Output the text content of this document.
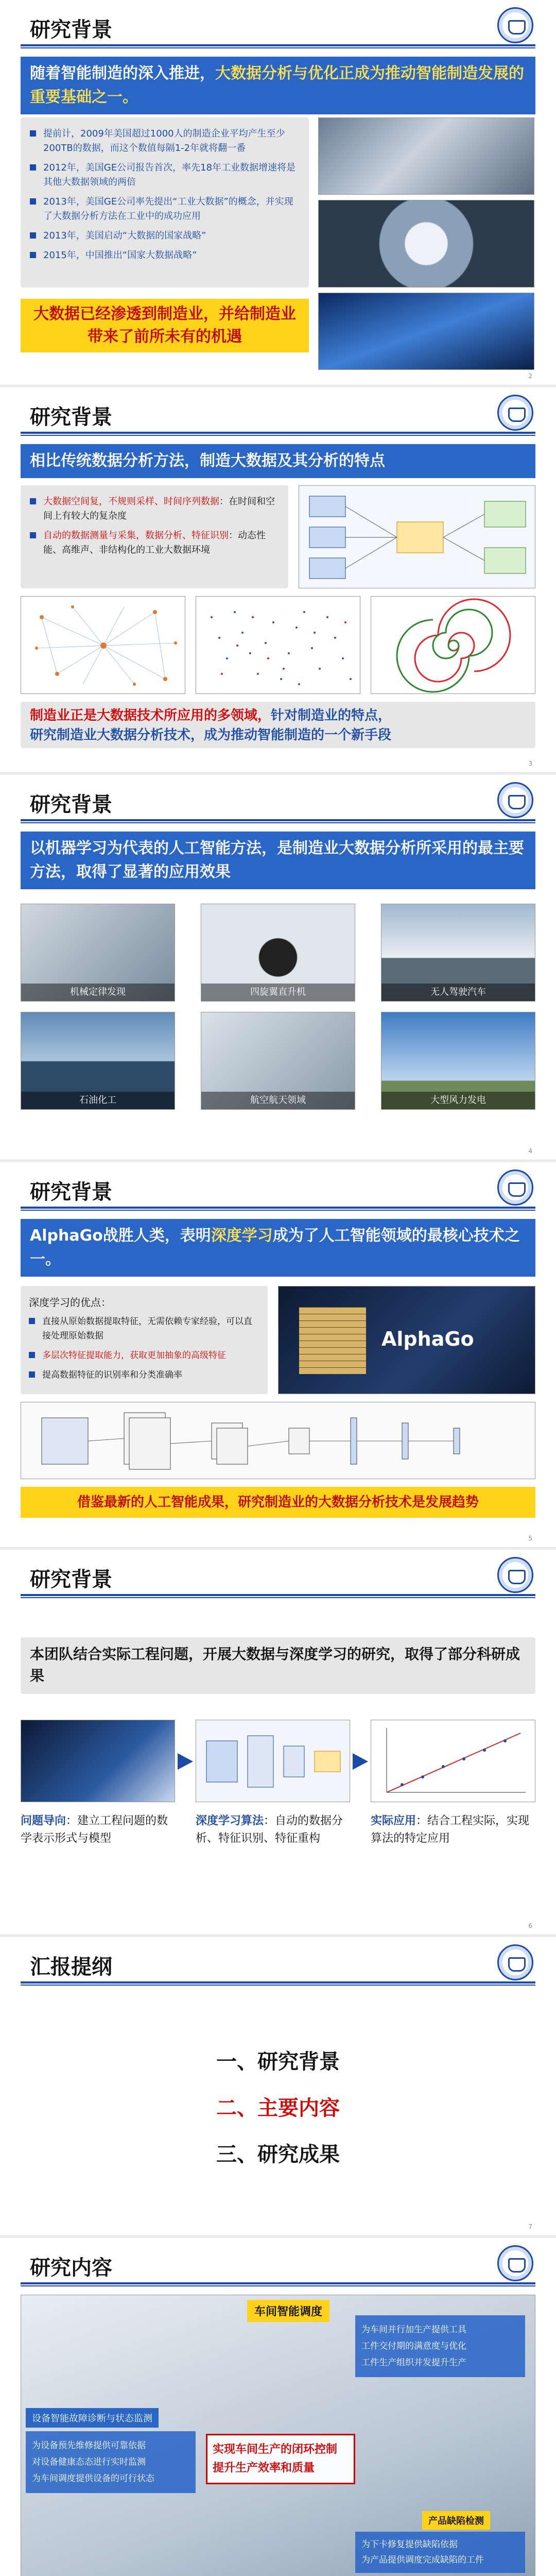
研究背景
随着智能制造的深入推进，大数据分析与优化正成为推动智能制造发展的重要基础之一。
提前计，2009年美国超过1000人的制造企业平均产生至少200TB的数据，而这个数值每隔1-2年就将翻一番
2012年，美国GE公司报告首次，率先18年工业数据增速将是其他大数据领域的两倍
2013年，美国GE公司率先提出“工业大数据”的概念，并实现了大数据分析方法在工业中的成功应用
2013年，美国启动“大数据的国家战略”
2015年，中国推出“国家大数据战略”
大数据已经渗透到制造业，并给制造业带来了前所未有的机遇
2
研究背景
相比传统数据分析方法，制造大数据及其分析的特点
大数据空间复，不规则采样、时间序列数据：在时间和空间上有较大的复杂度
自动的数据测量与采集，数据分析、特征识别：动态性能、高维声、非结构化的工业大数据环境
制造业正是大数据技术所应用的多领域，针对制造业的特点，
研究制造业大数据分析技术，成为推动智能制造的一个新手段
3
研究背景
以机器学习为代表的人工智能方法，是制造业大数据分析所采用的最主要方法，取得了显著的应用效果
机械定律发现	四旋翼直升机	无人驾驶汽车
石油化工	航空航天领域	大型风力发电
4
研究背景
AlphaGo战胜人类，表明深度学习成为了人工智能领域的最核心技术之一。
深度学习的优点：
直接从原始数据提取特征，无需依赖专家经验，可以直接处理原始数据
多层次特征提取能力，获取更加抽象的高级特征
提高数据特征的识别率和分类准确率
AlphaGo
借鉴最新的人工智能成果，研究制造业的大数据分析技术是发展趋势
5
研究背景
本团队结合实际工程问题，开展大数据与深度学习的研究，取得了部分科研成果
问题导向：建立工程问题的数学表示形式与模型
深度学习算法：自动的数据分析、特征识别、特征重构
实际应用：结合工程实际，实现算法的特定应用
6
汇报提纲
一、研究背景
二、主要内容
三、研究成果
7
研究内容
车间智能调度
为车间并行加生产提供工具
工件交付期的满意度与优化
工件生产组织并发提升生产
设备智能故障诊断与状态监测
为设备预先维修提供可靠依据
对设备健康态态进行实时监测
为车间调度提供设备的可行状态
实现车间生产的闭环控制
提升生产效率和质量
产品缺陷检测
为下卡修复提供缺陷依据
为产品提供调度完成缺陷的工件
